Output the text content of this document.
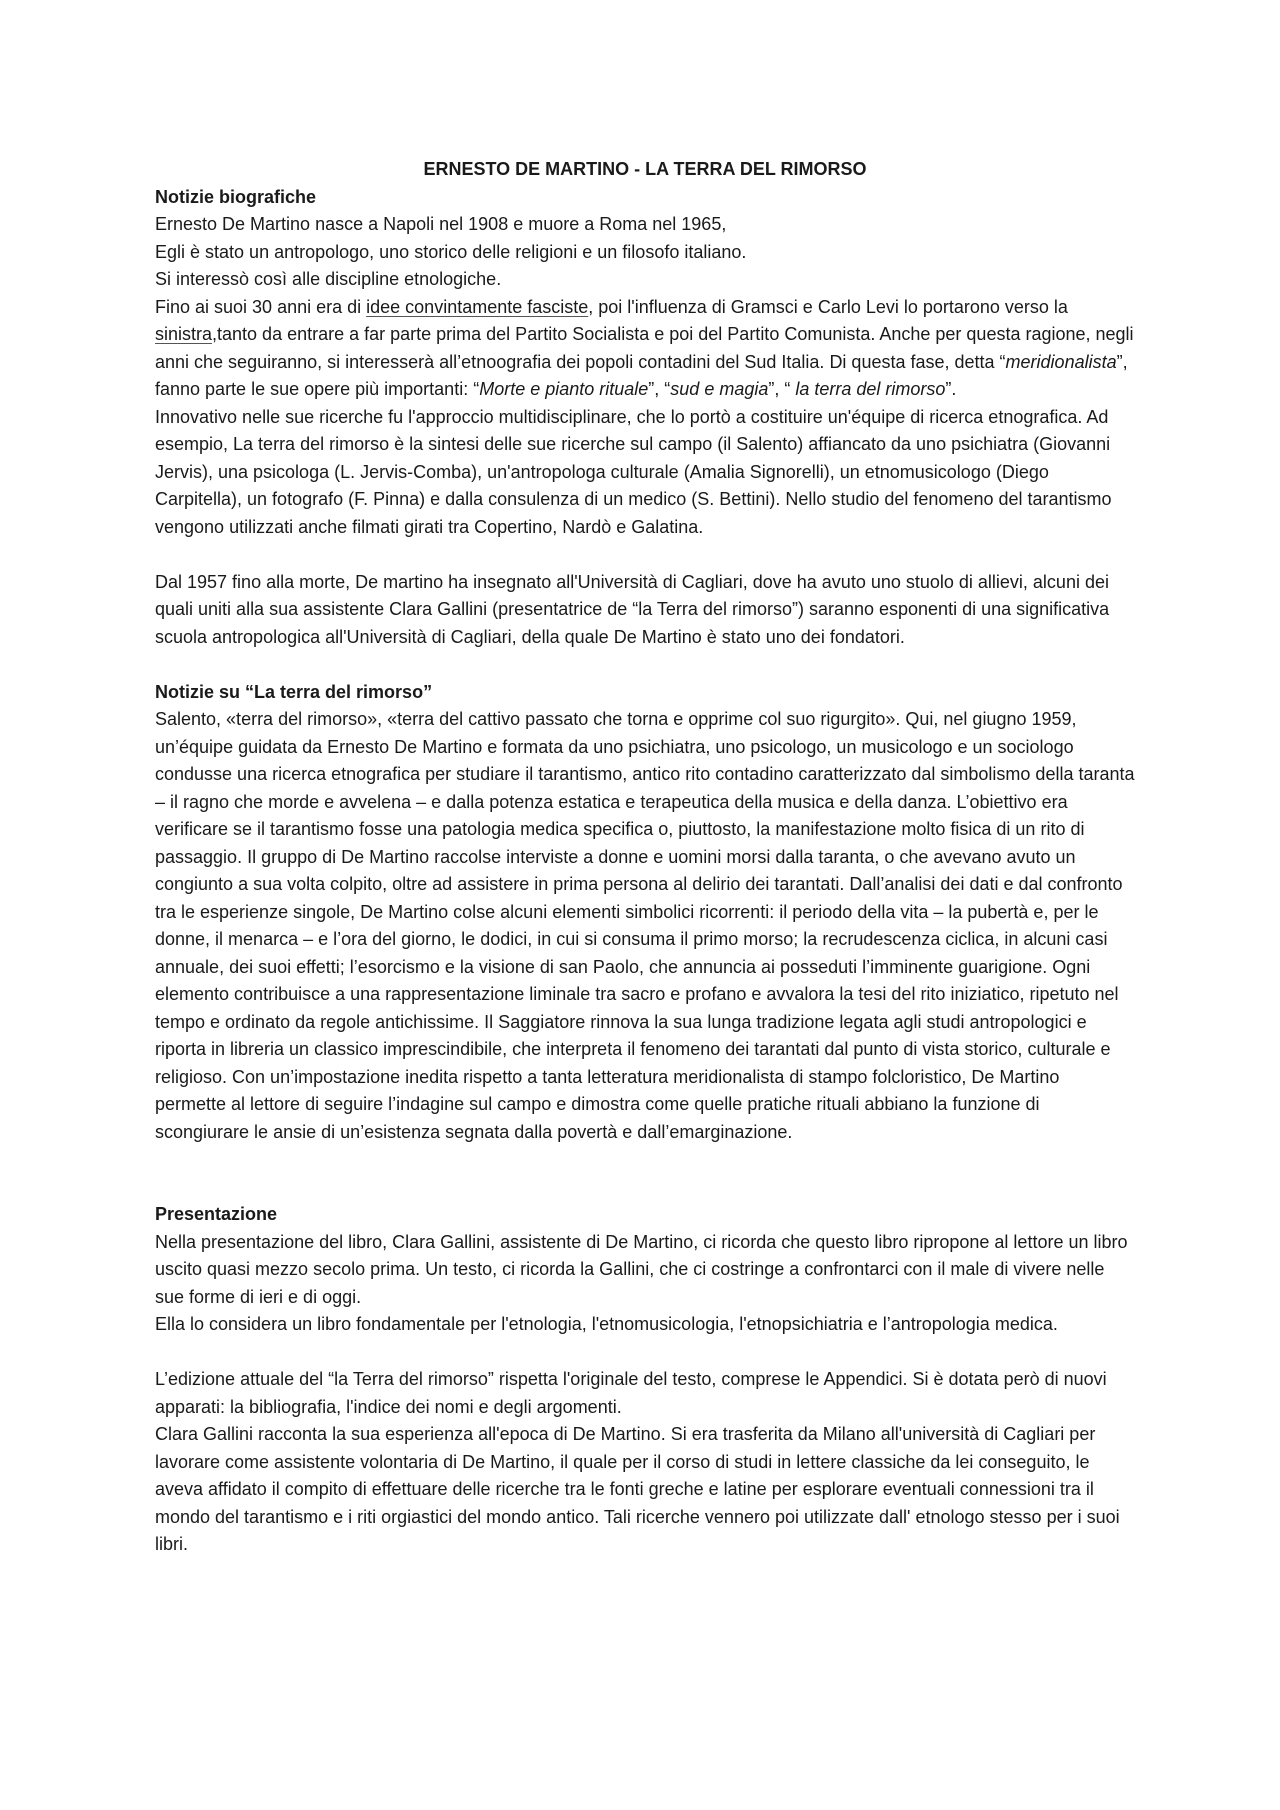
ERNESTO DE MARTINO - LA TERRA DEL RIMORSO

Notizie biografiche

Ernesto De Martino nasce a Napoli nel 1908 e muore a Roma nel 1965,

Egli è stato un antropologo, uno storico delle religioni e un filosofo italiano.

Si interessò così alle discipline etnologiche.

Fino ai suoi 30 anni era di idee convintamente fasciste, poi l'influenza di Gramsci e Carlo Levi lo portarono verso la sinistra,tanto da entrare a far parte prima del Partito Socialista e poi del Partito Comunista. Anche per questa ragione, negli anni che seguiranno, si interesserà all’etnoografia dei popoli contadini del Sud Italia. Di questa fase, detta “meridionalista”, fanno parte le sue opere più importanti: “Morte e pianto rituale”, “sud e magia”, “ la terra del rimorso”.

Innovativo nelle sue ricerche fu l'approccio multidisciplinare, che lo portò a costituire un'équipe di ricerca etnografica. Ad esempio, La terra del rimorso è la sintesi delle sue ricerche sul campo (il Salento) affiancato da uno psichiatra (Giovanni Jervis), una psicologa (L. Jervis-Comba), un'antropologa culturale (Amalia Signorelli), un etnomusicologo (Diego Carpitella), un fotografo (F. Pinna) e dalla consulenza di un medico (S. Bettini). Nello studio del fenomeno del tarantismo vengono utilizzati anche filmati girati tra Copertino, Nardò e Galatina.

Dal 1957 fino alla morte, De martino ha insegnato all'Università di Cagliari, dove ha avuto uno stuolo di allievi, alcuni dei quali uniti alla sua assistente Clara Gallini (presentatrice de “la Terra del rimorso”) saranno esponenti di una significativa scuola antropologica all'Università di Cagliari, della quale De Martino è stato uno dei fondatori.

Notizie su “La terra del rimorso”

Salento, «terra del rimorso», «terra del cattivo passato che torna e opprime col suo rigurgito». Qui, nel giugno 1959, un’équipe guidata da Ernesto De Martino e formata da uno psichiatra, uno psicologo, un musicologo e un sociologo condusse una ricerca etnografica per studiare il tarantismo, antico rito contadino caratterizzato dal simbolismo della taranta – il ragno che morde e avvelena – e dalla potenza estatica e terapeutica della musica e della danza. L’obiettivo era verificare se il tarantismo fosse una patologia medica specifica o, piuttosto, la manifestazione molto fisica di un rito di passaggio. Il gruppo di De Martino raccolse interviste a donne e uomini morsi dalla taranta, o che avevano avuto un congiunto a sua volta colpito, oltre ad assistere in prima persona al delirio dei tarantati. Dall’analisi dei dati e dal confronto tra le esperienze singole, De Martino colse alcuni elementi simbolici ricorrenti: il periodo della vita – la pubertà e, per le donne, il menarca – e l’ora del giorno, le dodici, in cui si consuma il primo morso; la recrudescenza ciclica, in alcuni casi annuale, dei suoi effetti; l’esorcismo e la visione di san Paolo, che annuncia ai posseduti l’imminente guarigione. Ogni elemento contribuisce a una rappresentazione liminale tra sacro e profano e avvalora la tesi del rito iniziatico, ripetuto nel tempo e ordinato da regole antichissime. Il Saggiatore rinnova la sua lunga tradizione legata agli studi antropologici e riporta in libreria un classico imprescindibile, che interpreta il fenomeno dei tarantati dal punto di vista storico, culturale e religioso. Con un’impostazione inedita rispetto a tanta letteratura meridionalista di stampo folcloristico, De Martino permette al lettore di seguire l’indagine sul campo e dimostra come quelle pratiche rituali abbiano la funzione di scongiurare le ansie di un’esistenza segnata dalla povertà e dall’emarginazione.

Presentazione

Nella presentazione del libro, Clara Gallini, assistente di De Martino, ci ricorda che questo libro ripropone al lettore un libro uscito quasi mezzo secolo prima. Un testo, ci ricorda la Gallini, che ci costringe a confrontarci con il male di vivere nelle sue forme di ieri e di oggi.

Ella lo considera un libro fondamentale per l'etnologia, l'etnomusicologia, l'etnopsichiatria e l’antropologia medica.

L’edizione attuale del “la Terra del rimorso” rispetta l'originale del testo, comprese le Appendici. Si è dotata però di nuovi apparati: la bibliografia, l'indice dei nomi e degli argomenti.

Clara Gallini racconta la sua esperienza all'epoca di De Martino. Si era trasferita da Milano all'università di Cagliari per lavorare come assistente volontaria di De Martino, il quale per il corso di studi in lettere classiche da lei conseguito, le aveva affidato il compito di effettuare delle ricerche tra le fonti greche e latine per esplorare eventuali connessioni tra il mondo del tarantismo e i riti orgiastici del mondo antico. Tali ricerche vennero poi utilizzate dall' etnologo stesso per i suoi libri.
